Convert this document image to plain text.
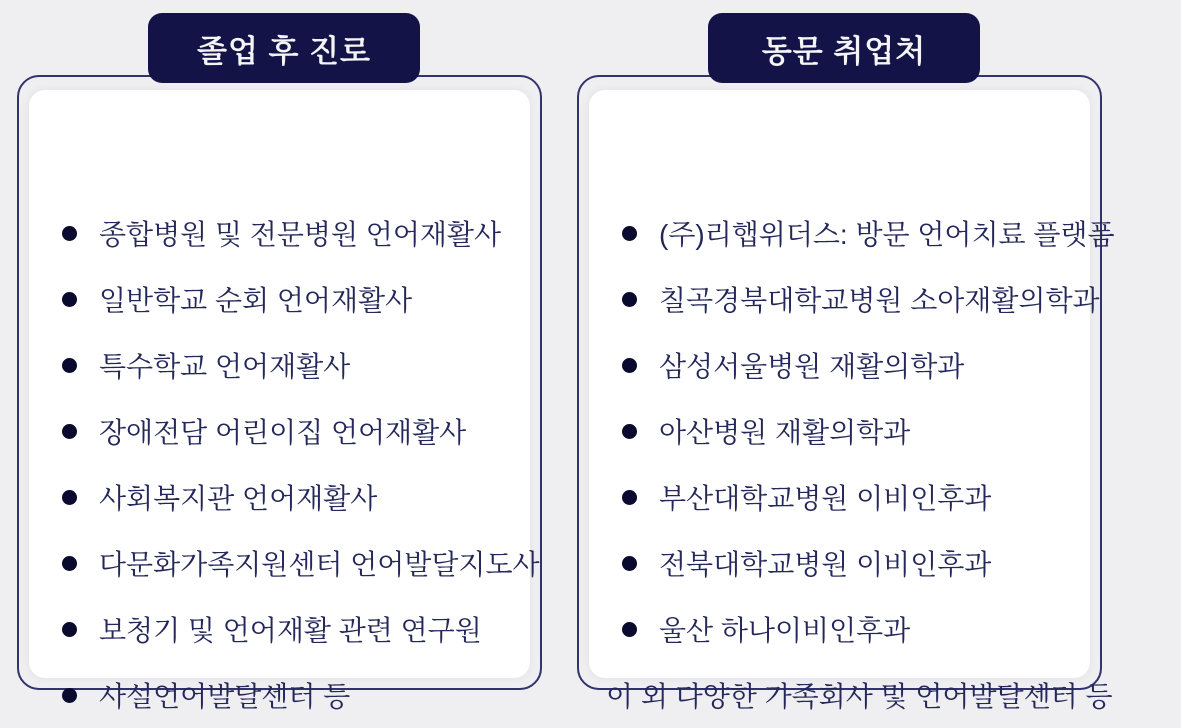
졸업 후 진로	동문 취업처
종합병원 및 전문병원 언어재활사
일반학교 순회 언어재활사
특수학교 언어재활사
장애전담 어린이집 언어재활사
사회복지관 언어재활사
다문화가족지원센터 언어발달지도사
보청기 및 언어재활 관련 연구원
사설언어발달센터 등
(주)리햅위더스: 방문 언어치료 플랫폼
칠곡경북대학교병원 소아재활의학과
삼성서울병원 재활의학과
아산병원 재활의학과
부산대학교병원 이비인후과
전북대학교병원 이비인후과
울산 하나이비인후과
이 외 다양한 가족회사 및 언어발달센터 등
